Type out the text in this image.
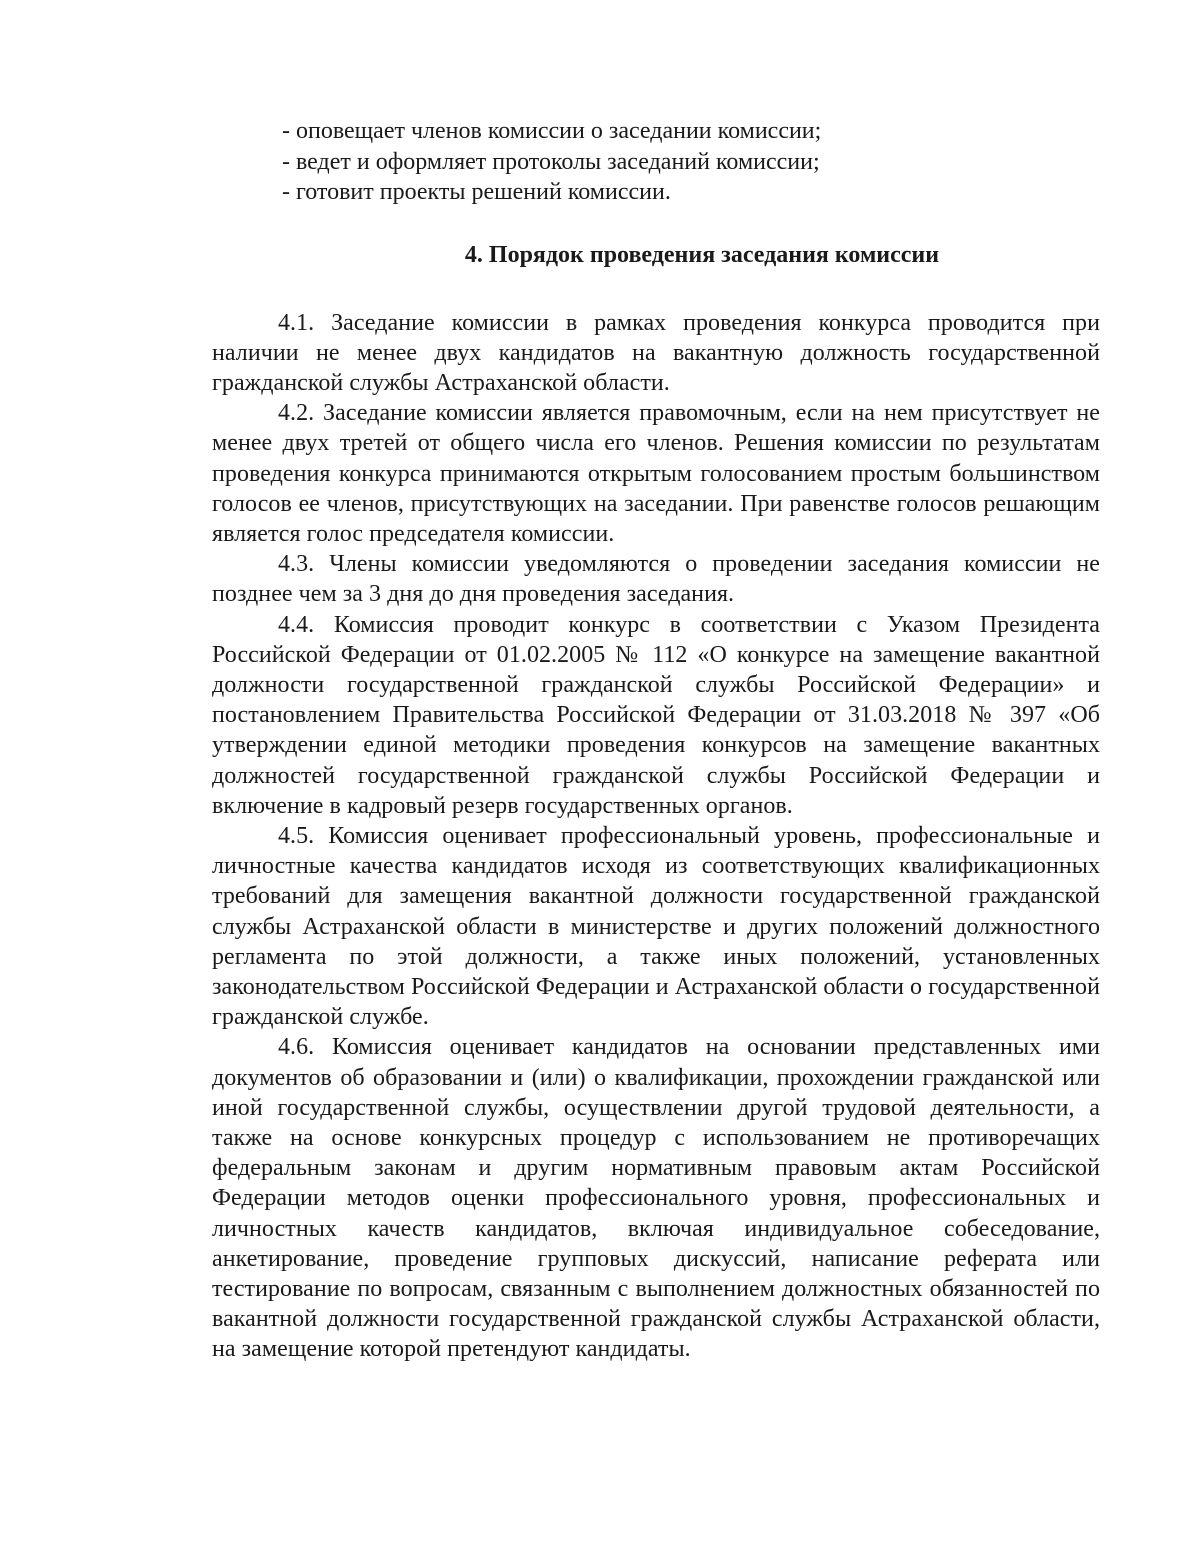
- оповещает членов комиссии о заседании комиссии;

- ведет и оформляет протоколы заседаний комиссии;

- готовит проекты решений комиссии.

4. Порядок проведения заседания комиссии

4.1. Заседание комиссии в рамках проведения конкурса проводится при наличии не менее двух кандидатов на вакантную должность государственной гражданской службы Астраханской области.

4.2. Заседание комиссии является правомочным, если на нем присутствует не менее двух третей от общего числа его членов. Решения комиссии по результатам проведения конкурса принимаются открытым голосованием простым большинством голосов ее членов, присутствующих на заседании. При равенстве голосов решающим является голос председателя комиссии.

4.3. Члены комиссии уведомляются о проведении заседания комиссии не позднее чем за 3 дня до дня проведения заседания.

4.4. Комиссия проводит конкурс в соответствии с Указом Президента Российской Федерации от 01.02.2005 № 112 «О конкурсе на замещение вакантной должности государственной гражданской службы Российской Федерации» и постановлением Правительства Российской Федерации от 31.03.2018 № 397 «Об утверждении единой методики проведения конкурсов на замещение вакантных должностей государственной гражданской службы Российской Федерации и включение в кадровый резерв государственных органов.

4.5. Комиссия оценивает профессиональный уровень, профессиональные и личностные качества кандидатов исходя из соответствующих квалификационных требований для замещения вакантной должности государственной гражданской службы Астраханской области в министерстве и других положений должностного регламента по этой должности, а также иных положений, установленных законодательством Российской Федерации и Астраханской области о государственной гражданской службе.

4.6. Комиссия оценивает кандидатов на основании представленных ими документов об образовании и (или) о квалификации, прохождении гражданской или иной государственной службы, осуществлении другой трудовой деятельности, а также на основе конкурсных процедур с использованием не противоречащих федеральным законам и другим нормативным правовым актам Российской Федерации методов оценки профессионального уровня, профессиональных и личностных качеств кандидатов, включая индивидуальное собеседование, анкетирование, проведение групповых дискуссий, написание реферата или тестирование по вопросам, связанным с выполнением должностных обязанностей по вакантной должности государственной гражданской службы Астраханской области, на замещение которой претендуют кандидаты.
